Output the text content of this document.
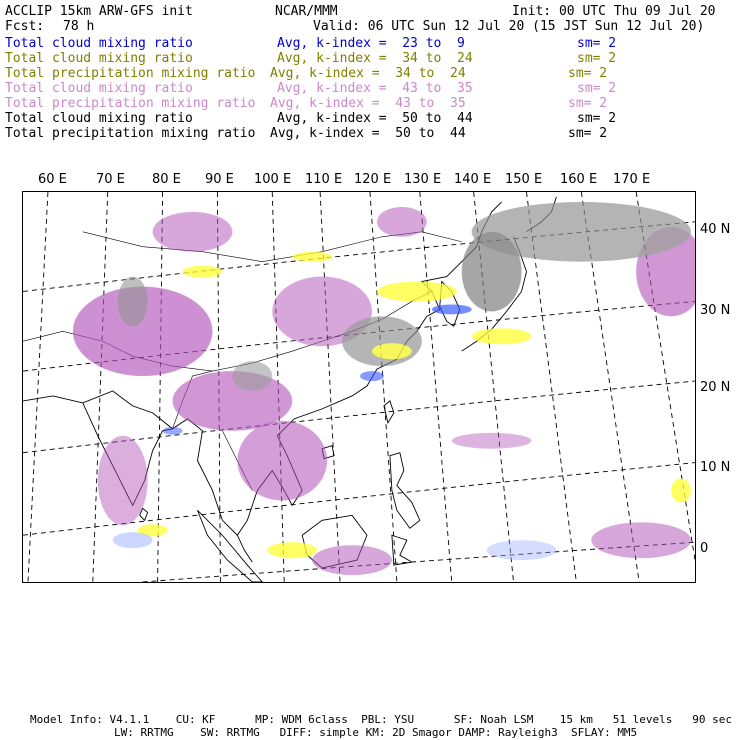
ACCLIP 15km ARW-GFS init	NCAR/MMM	Init: 00 UTC Thu 09 Jul 20
Fcst: 78 h	Valid: 06 UTC Sun 12 Jul 20 (15 JST Sun 12 Jul 20)
Total cloud mixing ratio	Avg, k-index =  23 to  9	sm= 2
Total cloud mixing ratio	Avg, k-index =  34 to  24	sm= 2
Total precipitation mixing ratio Avg, k-index =  34 to  24	sm= 2
Total cloud mixing ratio	Avg, k-index =  43 to  35	sm= 2
Total precipitation mixing ratio Avg, k-index =  43 to  35	sm= 2
Total cloud mixing ratio	Avg, k-index =  50 to  44	sm= 2
Total precipitation mixing ratio Avg, k-index =  50 to  44	sm= 2
60 E 70 E 80 E 90 E 100 E 110 E 120 E 130 E 140 E 150 E 160 E 170 E
40 N
30 N
20 N
10 N
0
Model Info: V4.1.1    CU: KF      MP: WDM 6class  PBL: YSU      SF: Noah LSM    15 km   51 levels   90 sec
LW: RRTMG    SW: RRTMG   DIFF: simple KM: 2D Smagor DAMP: Rayleigh3  SFLAY: MM5
